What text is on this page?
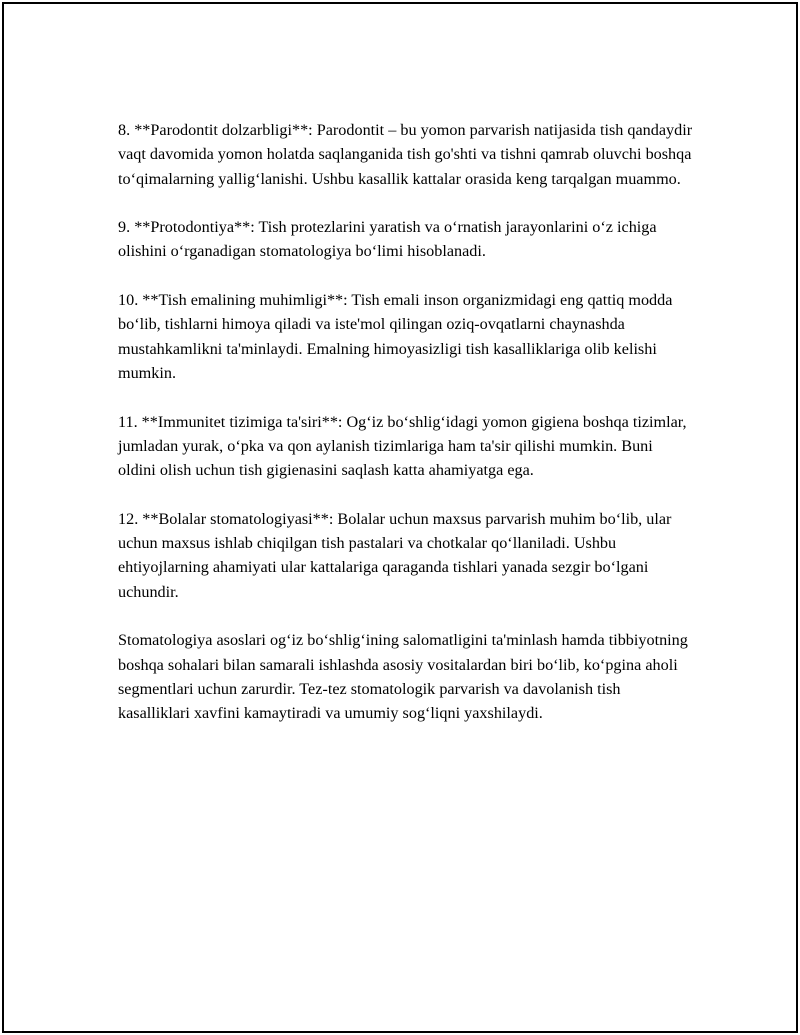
8. **Parodontit dolzarbligi**: Parodontit – bu yomon parvarish natijasida tish qandaydir vaqt davomida yomon holatda saqlanganida tish go'shti va tishni qamrab oluvchi boshqa to‘qimalarning yallig‘lanishi. Ushbu kasallik kattalar orasida keng tarqalgan muammo.

9. **Protodontiya**: Tish protezlarini yaratish va o‘rnatish jarayonlarini o‘z ichiga olishini o‘rganadigan stomatologiya bo‘limi hisoblanadi.

10. **Tish emalining muhimligi**: Tish emali inson organizmidagi eng qattiq modda bo‘lib, tishlarni himoya qiladi va iste'mol qilingan oziq-ovqatlarni chaynashda mustahkamlikni ta'minlaydi. Emalning himoyasizligi tish kasalliklariga olib kelishi mumkin.

11. **Immunitet tizimiga ta'siri**: Og‘iz bo‘shlig‘idagi yomon gigiena boshqa tizimlar, jumladan yurak, o‘pka va qon aylanish tizimlariga ham ta'sir qilishi mumkin. Buni oldini olish uchun tish gigienasini saqlash katta ahamiyatga ega.

12. **Bolalar stomatologiyasi**: Bolalar uchun maxsus parvarish muhim bo‘lib, ular uchun maxsus ishlab chiqilgan tish pastalari va chotkalar qo‘llaniladi. Ushbu ehtiyojlarning ahamiyati ular kattalariga qaraganda tishlari yanada sezgir bo‘lgani uchundir.

Stomatologiya asoslari og‘iz bo‘shlig‘ining salomatligini ta'minlash hamda tibbiyotning boshqa sohalari bilan samarali ishlashda asosiy vositalardan biri bo‘lib, ko‘pgina aholi segmentlari uchun zarurdir. Tez-tez stomatologik parvarish va davolanish tish kasalliklari xavfini kamaytiradi va umumiy sog‘liqni yaxshilaydi.
